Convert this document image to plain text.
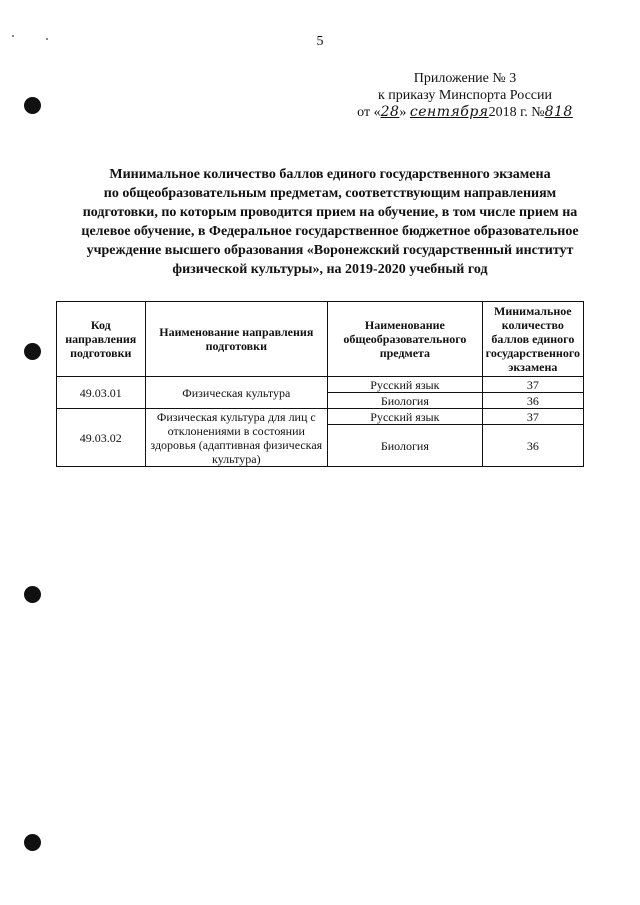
5
Приложение № 3
к приказу Минспорта России
от «28» сентября2018 г. №818
Минимальное количество баллов единого государственного экзамена
по общеобразовательным предметам, соответствующим направлениям
подготовки, по которым проводится прием на обучение, в том числе прием на
целевое обучение, в Федеральное государственное бюджетное образовательное
учреждение высшего образования «Воронежский государственный институт
физической культуры», на 2019-2020 учебный год
Код направления подготовки	Наименование направления подготовки	Наименование общеобразовательного предмета	Минимальное количество баллов единого государственного экзамена
49.03.01	Физическая культура	Русский язык	37
		Биология	36
49.03.02	Физическая культура для лиц с отклонениями в состоянии здоровья (адаптивная физическая культура)	Русский язык	37
		Биология	36
